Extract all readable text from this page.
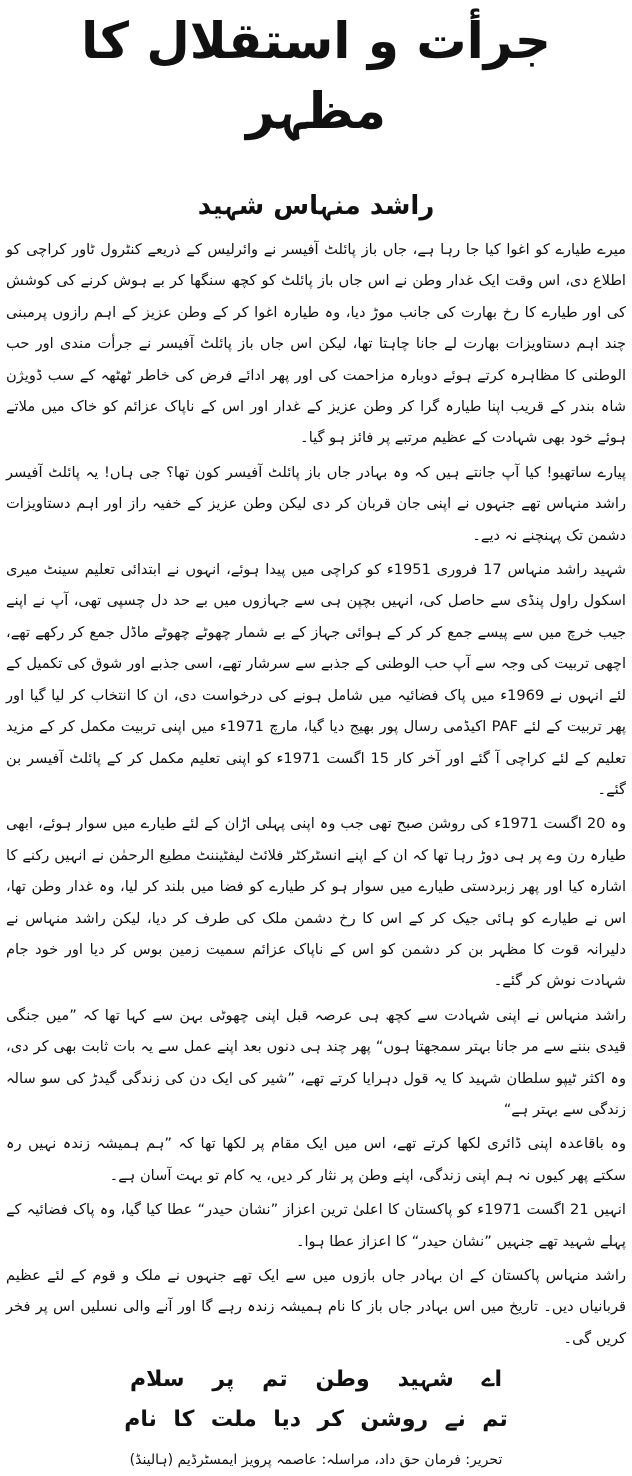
جرأت و استقلال کا مظہر
راشد منہاس شہید

میرے طیارے کو اغوا کیا جا رہا ہے، جاں باز پائلٹ آفیسر نے وائرلیس کے ذریعے کنٹرول ٹاور کراچی کو اطلاع دی، اس وقت ایک غدار وطن نے اس جاں باز پائلٹ کو کچھ سنگھا کر بے ہوش کرنے کی کوشش کی اور طیارے کا رخ بھارت کی جانب موڑ دیا، وہ طیارہ اغوا کر کے وطن عزیز کے اہم رازوں پرمبنی چند اہم دستاویزات بھارت لے جانا چاہتا تھا، لیکن اس جاں باز پائلٹ آفیسر نے جرأت مندی اور حب الوطنی کا مظاہرہ کرتے ہوئے دوبارہ مزاحمت کی اور پھر ادائے فرض کی خاطر ٹھٹھہ کے سب ڈویژن شاہ بندر کے قریب اپنا طیارہ گرا کر وطن عزیز کے غدار اور اس کے ناپاک عزائم کو خاک میں ملاتے ہوئے خود بھی شہادت کے عظیم مرتبے پر فائز ہو گیا۔

پیارے ساتھیو! کیا آپ جانتے ہیں کہ وہ بہادر جاں باز پائلٹ آفیسر کون تھا؟ جی ہاں! یہ پائلٹ آفیسر راشد منہاس تھے جنہوں نے اپنی جان قربان کر دی لیکن وطن عزیز کے خفیہ راز اور اہم دستاویزات دشمن تک پہنچنے نہ دیے۔

شہید راشد منہاس 17 فروری 1951ء کو کراچی میں پیدا ہوئے، انہوں نے ابتدائی تعلیم سینٹ میری اسکول راول پنڈی سے حاصل کی، انہیں بچپن ہی سے جہازوں میں بے حد دل چسپی تھی، آپ نے اپنے جیب خرچ میں سے پیسے جمع کر کر کے ہوائی جہاز کے بے شمار چھوٹے چھوٹے ماڈل جمع کر رکھے تھے، اچھی تربیت کی وجہ سے آپ حب الوطنی کے جذبے سے سرشار تھے، اسی جذبے اور شوق کی تکمیل کے لئے انہوں نے 1969ء میں پاک فضائیہ میں شامل ہونے کی درخواست دی، ان کا انتخاب کر لیا گیا اور پھر تربیت کے لئے PAF اکیڈمی رسال پور بھیج دیا گیا، مارچ 1971ء میں اپنی تربیت مکمل کر کے مزید تعلیم کے لئے کراچی آ گئے اور آخر کار 15 اگست 1971ء کو اپنی تعلیم مکمل کر کے پائلٹ آفیسر بن گئے۔

وہ 20 اگست 1971ء کی روشن صبح تھی جب وہ اپنی پہلی اڑان کے لئے طیارے میں سوار ہوئے، ابھی طیارہ رن وے پر ہی دوڑ رہا تھا کہ ان کے اپنے انسٹرکٹر فلائٹ لیفٹیننٹ مطیع الرحمٰن نے انہیں رکنے کا اشارہ کیا اور پھر زبردستی طیارے میں سوار ہو کر طیارے کو فضا میں بلند کر لیا، وہ غدار وطن تھا، اس نے طیارے کو ہائی جیک کر کے اس کا رخ دشمن ملک کی طرف کر دیا، لیکن راشد منہاس نے دلیرانہ قوت کا مظہر بن کر دشمن کو اس کے ناپاک عزائم سمیت زمین بوس کر دیا اور خود جام شہادت نوش کر گئے۔

راشد منہاس نے اپنی شہادت سے کچھ ہی عرصہ قبل اپنی چھوٹی بہن سے کہا تھا کہ ”میں جنگی قیدی بننے سے مر جانا بہتر سمجھتا ہوں“ پھر چند ہی دنوں بعد اپنے عمل سے یہ بات ثابت بھی کر دی، وہ اکثر ٹیپو سلطان شہید کا یہ قول دہرایا کرتے تھے، ”شیر کی ایک دن کی زندگی گیدڑ کی سو سالہ زندگی سے بہتر ہے“

وہ باقاعدہ اپنی ڈائری لکھا کرتے تھے، اس میں ایک مقام پر لکھا تھا کہ ”ہم ہمیشہ زندہ نہیں رہ سکتے پھر کیوں نہ ہم اپنی زندگی، اپنے وطن پر نثار کر دیں، یہ کام تو بہت آسان ہے۔

انہیں 21 اگست 1971ء کو پاکستان کا اعلیٰ ترین اعزاز ”نشان حیدر“ عطا کیا گیا، وہ پاک فضائیہ کے پہلے شہید تھے جنہیں ”نشان حیدر“ کا اعزاز عطا ہوا۔

راشد منہاس پاکستان کے ان بہادر جاں بازوں میں سے ایک تھے جنہوں نے ملک و قوم کے لئے عظیم قربانیاں دیں۔ تاریخ میں اس بہادر جاں باز کا نام ہمیشہ زندہ رہے گا اور آنے والی نسلیں اس پر فخر کریں گی۔

اے
شہید
وطن
تم
پر
سلام
تم
نے
روشن
کر
دیا
ملت
کا
نام
تحریر: فرمان حق داد، مراسلہ: عاصمہ پرویز ایمسٹرڈیم (ہالینڈ)
